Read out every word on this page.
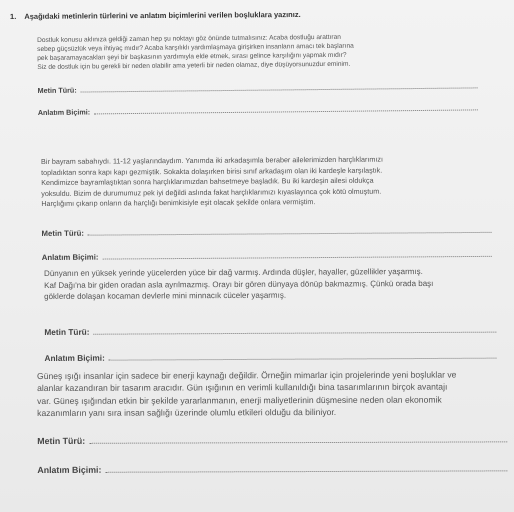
1. Aşağıdaki metinlerin türlerini ve anlatım biçimlerini verilen boşluklara yazınız.

Dostluk konusu aklınıza geldiği zaman hep şu noktayı göz önünde tutmalısınız: Acaba dostluğu arattıran
sebep güçsüzlük veya ihtiyaç mıdır? Acaba karşılıklı yardımlaşmaya girişirken insanların amacı tek başlarına
pek başaramayacakları şeyi bir başkasının yardımıyla elde etmek, sırası gelince karşılığını yapmak mıdır?
Siz de dostluk için bu gerekli bir neden olabilir ama yeterli bir neden olamaz, diye düşüyorsunuzdur eminim.

Metin Türü:
Anlatım Biçimi:

Bir bayram sabahıydı. 11-12 yaşlarındaydım. Yanımda iki arkadaşımla beraber ailelerimizden harçlıklarımızı
topladıktan sonra kapı kapı gezmiştik. Sokakta dolaşırken birisi sınıf arkadaşım olan iki kardeşle karşılaştık.
Kendimizce bayramlaştıktan sonra harçlıklarımızdan bahsetmeye başladık. Bu iki kardeşin ailesi oldukça
yoksuldu. Bizim de durumumuz pek iyi değildi aslında fakat harçlıklarımızı kıyaslayınca çok kötü olmuştum.
Harçlığımı çıkarıp onların da harçlığı benimkisiyle eşit olacak şekilde onlara vermiştim.

Metin Türü:
Anlatım Biçimi:

Dünyanın en yüksek yerinde yücelerden yüce bir dağ varmış. Ardında düşler, hayaller, güzellikler yaşarmış.
Kaf Dağı'na bir giden oradan asla ayrılmazmış. Orayı bir gören dünyaya dönüp bakmazmış. Çünkü orada başı
göklerde dolaşan kocaman devlerle mini minnacık cüceler yaşarmış.

Metin Türü:
Anlatım Biçimi:

Güneş ışığı insanlar için sadece bir enerji kaynağı değildir. Örneğin mimarlar için projelerinde yeni boşluklar ve
alanlar kazandıran bir tasarım aracıdır. Gün ışığının en verimli kullanıldığı bina tasarımlarının birçok avantajı
var. Güneş ışığından etkin bir şekilde yararlanmanın, enerji maliyetlerinin düşmesine neden olan ekonomik
kazanımların yanı sıra insan sağlığı üzerinde olumlu etkileri olduğu da biliniyor.

Metin Türü:
Anlatım Biçimi:
